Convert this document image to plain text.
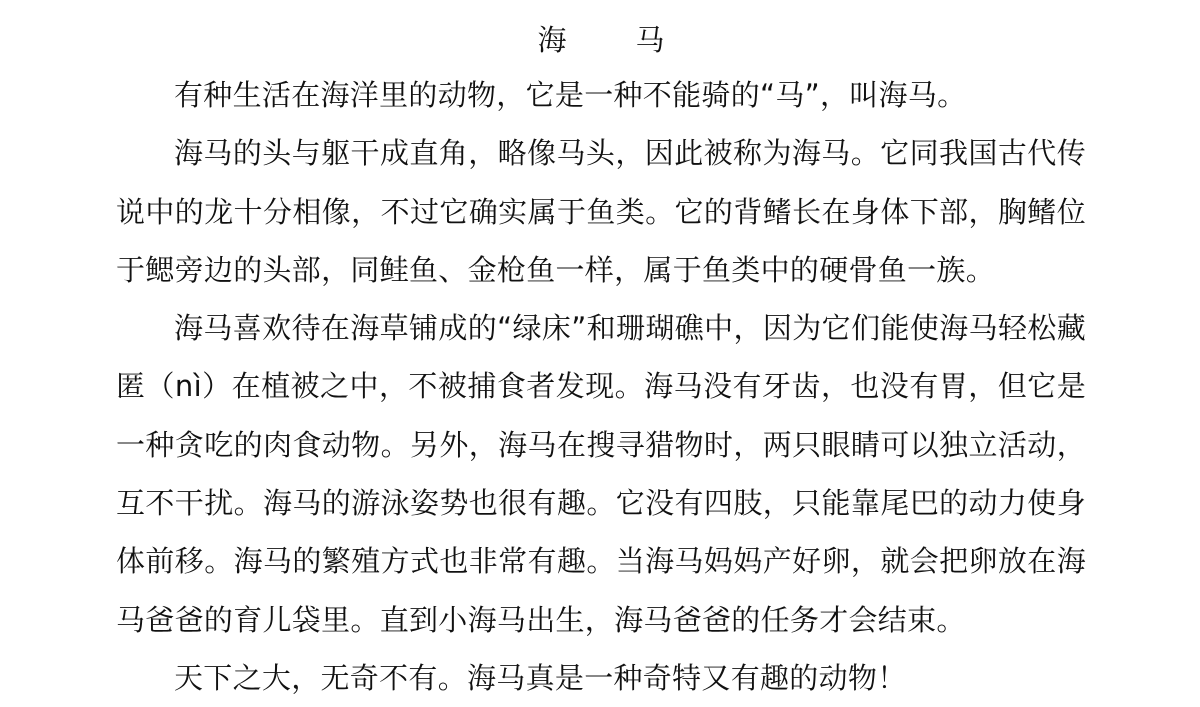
海　马

有种生活在海洋里的动物，它是一种不能骑的“马”，叫海马。

海马的头与躯干成直角，略像马头，因此被称为海马。它同我国古代传说中的龙十分相像，不过它确实属于鱼类。它的背鳍长在身体下部，胸鳍位于鳃旁边的头部，同鲑鱼、金枪鱼一样，属于鱼类中的硬骨鱼一族。

海马喜欢待在海草铺成的“绿床”和珊瑚礁中，因为它们能使海马轻松藏匿（nì）在植被之中，不被捕食者发现。海马没有牙齿，也没有胃，但它是一种贪吃的肉食动物。另外，海马在搜寻猎物时，两只眼睛可以独立活动，互不干扰。海马的游泳姿势也很有趣。它没有四肢，只能靠尾巴的动力使身体前移。海马的繁殖方式也非常有趣。当海马妈妈产好卵，就会把卵放在海马爸爸的育儿袋里。直到小海马出生，海马爸爸的任务才会结束。

天下之大，无奇不有。海马真是一种奇特又有趣的动物！
